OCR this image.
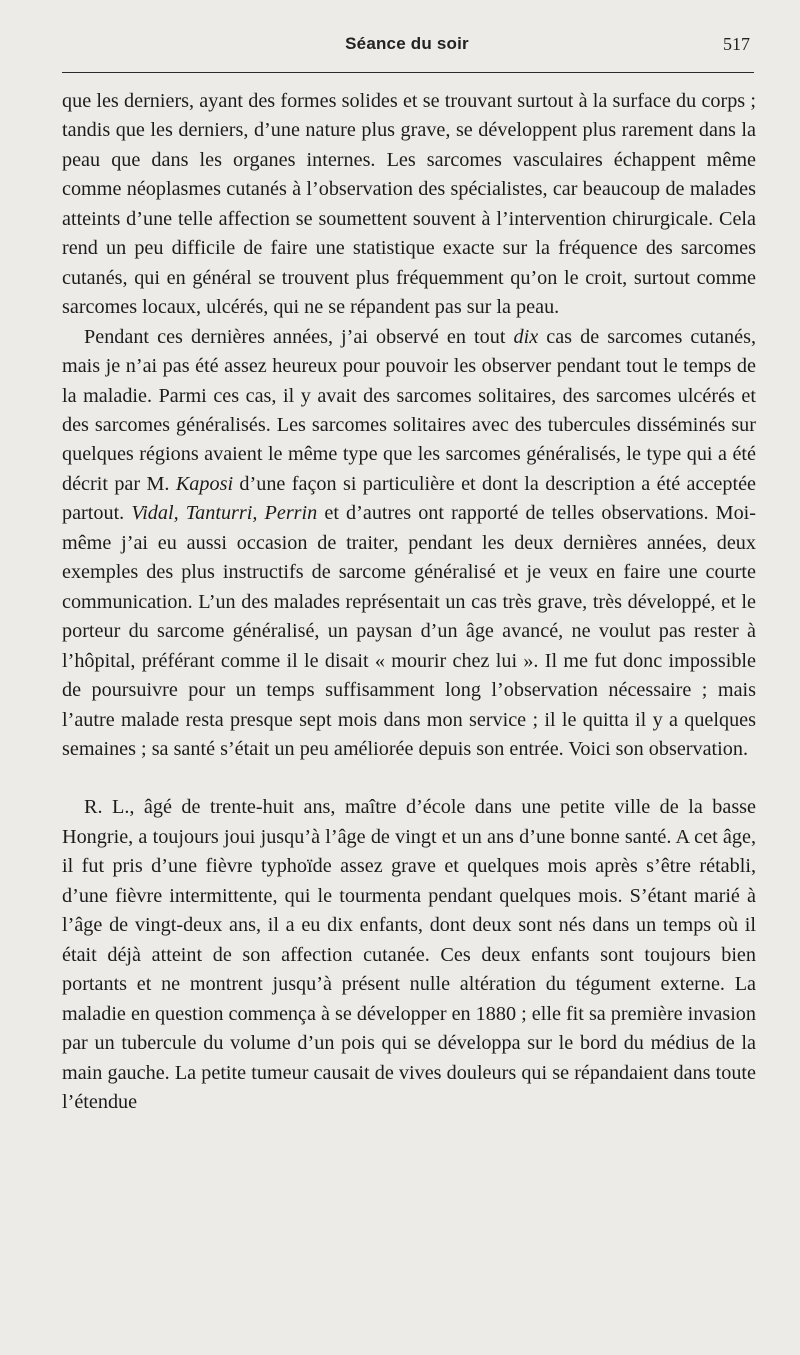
Séance du soir	517

que les derniers, ayant des formes solides et se trouvant surtout à la surface du corps ; tandis que les derniers, d’une nature plus grave, se développent plus rarement dans la peau que dans les organes internes. Les sarcomes vasculaires échappent même comme néoplasmes cutanés à l’observation des spécialistes, car beaucoup de malades atteints d’une telle affection se soumettent souvent à l’intervention chirurgicale. Cela rend un peu difficile de faire une statistique exacte sur la fréquence des sarcomes cutanés, qui en général se trouvent plus fréquemment qu’on le croit, surtout comme sarcomes locaux, ulcérés, qui ne se répandent pas sur la peau.

Pendant ces dernières années, j’ai observé en tout dix cas de sarcomes cutanés, mais je n’ai pas été assez heureux pour pouvoir les observer pendant tout le temps de la maladie. Parmi ces cas, il y avait des sarcomes solitaires, des sarcomes ulcérés et des sarcomes généralisés. Les sarcomes solitaires avec des tubercules disséminés sur quelques régions avaient le même type que les sarcomes généralisés, le type qui a été décrit par M. Kaposi d’une façon si particulière et dont la description a été acceptée partout. Vidal, Tanturri, Perrin et d’autres ont rapporté de telles observations. Moi-même j’ai eu aussi occasion de traiter, pendant les deux dernières années, deux exemples des plus instructifs de sarcome généralisé et je veux en faire une courte communication. L’un des malades représentait un cas très grave, très développé, et le porteur du sarcome généralisé, un paysan d’un âge avancé, ne voulut pas rester à l’hôpital, préférant comme il le disait « mourir chez lui ». Il me fut donc impossible de poursuivre pour un temps suffisamment long l’observation nécessaire ; mais l’autre malade resta presque sept mois dans mon service ; il le quitta il y a quelques semaines ; sa santé s’était un peu améliorée depuis son entrée. Voici son observation.

R. L., âgé de trente-huit ans, maître d’école dans une petite ville de la basse Hongrie, a toujours joui jusqu’à l’âge de vingt et un ans d’une bonne santé. A cet âge, il fut pris d’une fièvre typhoïde assez grave et quelques mois après s’être rétabli, d’une fièvre intermittente, qui le tourmenta pendant quelques mois. S’étant marié à l’âge de vingt-deux ans, il a eu dix enfants, dont deux sont nés dans un temps où il était déjà atteint de son affection cutanée. Ces deux enfants sont toujours bien portants et ne montrent jusqu’à présent nulle altération du tégument externe. La maladie en question commença à se développer en 1880 ; elle fit sa première invasion par un tubercule du volume d’un pois qui se développa sur le bord du médius de la main gauche. La petite tumeur causait de vives douleurs qui se répandaient dans toute l’étendue
